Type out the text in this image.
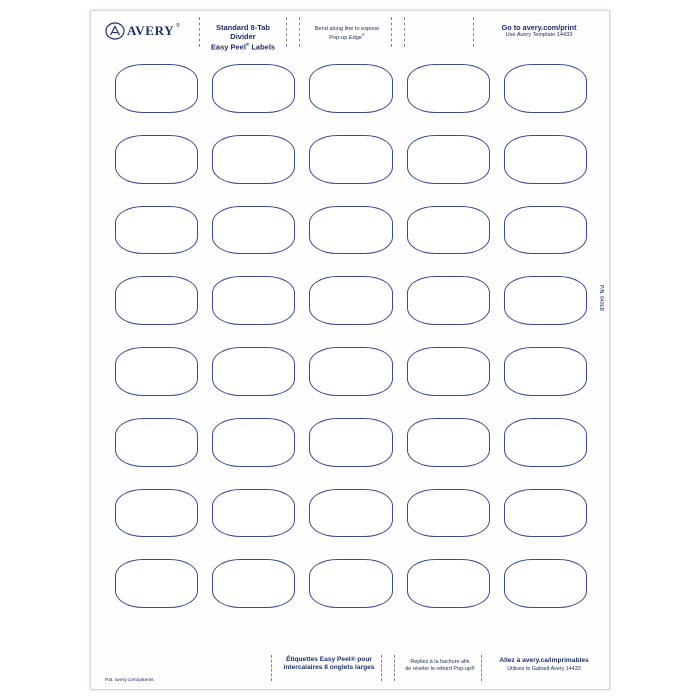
AVERY ®	Standard 8-Tab Divider
Easy Peel® Labels
Bend along line to expose
Pop-up Edge®
Go to avery.com/print
Use Avery Template 14433
P/N: 640EB
Étiquettes Easy Peel® pour
intercalaires 8 onglets larges
Repliez à la hachure afin
de révéler le rebord Pop-up®
Allez à avery.ca/imprimables
Utilisez le Gabarit Avery 14433
Pat. avery.com/patents
